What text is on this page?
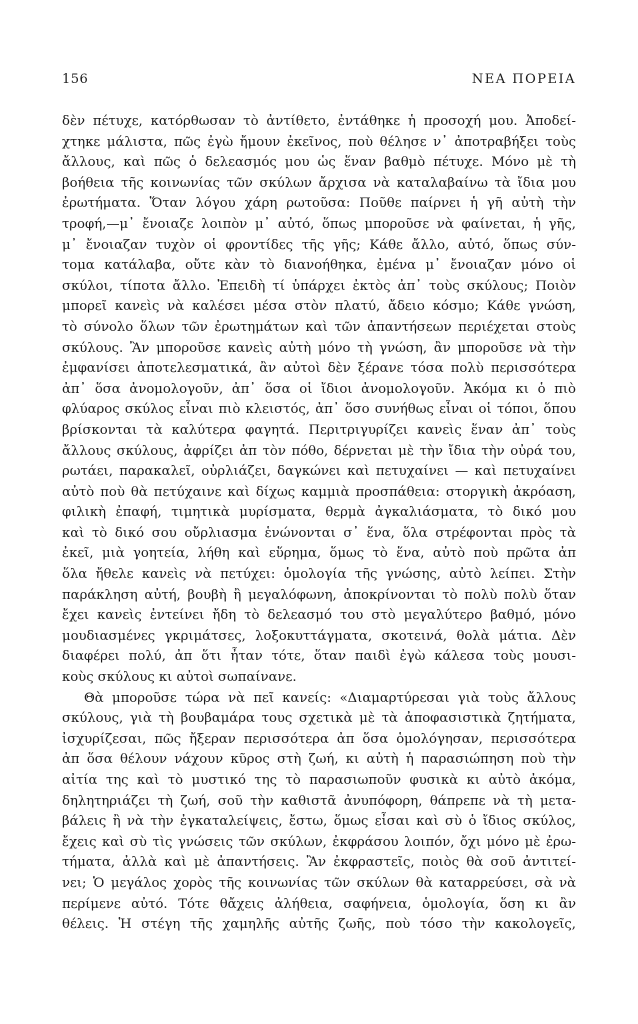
156	ΝΕΑ ΠΟΡΕΙΑ
δὲν πέτυχε, κατόρθωσαν τὸ ἀντίθετο, ἐντάθηκε ἡ προσοχή μου. Ἀποδεί-
χτηκε μάλιστα, πῶς ἐγὼ ἤμουν ἐκεῖνος, ποὺ θέλησε ν᾽ ἀποτραβήξει τοὺς
ἄλλους, καὶ πῶς ὁ δελεασμός μου ὡς ἕναν βαθμὸ πέτυχε. Μόνο μὲ τὴ
βοήθεια τῆς κοινωνίας τῶν σκύλων ἄρχισα νὰ καταλαβαίνω τὰ ἴδια μου
ἐρωτήματα. Ὅταν λόγου χάρη ρωτοῦσα: Ποῦθε παίρνει ἡ γῆ αὐτὴ τὴν
τροφή,—μ᾽ ἔνοιαζε λοιπὸν μ᾽ αὐτό, ὅπως μποροῦσε νὰ φαίνεται, ἡ γῆς,
μ᾽ ἔνοιαζαν τυχὸν οἱ φροντίδες τῆς γῆς; Κάθε ἄλλο, αὐτό, ὅπως σύν-
τομα κατάλαβα, οὔτε κὰν τὸ διανοήθηκα, ἐμένα μ᾽ ἔνοιαζαν μόνο οἱ
σκύλοι, τίποτα ἄλλο. Ἐπειδὴ τί ὑπάρχει ἐκτὸς ἀπ᾽ τοὺς σκύλους; Ποιὸν
μπορεῖ κανεὶς νὰ καλέσει μέσα στὸν πλατύ, ἄδειο κόσμο; Κάθε γνώση,
τὸ σύνολο ὅλων τῶν ἐρωτημάτων καὶ τῶν ἀπαντήσεων περιέχεται στοὺς
σκύλους. Ἂν μποροῦσε κανεὶς αὐτὴ μόνο τὴ γνώση, ἂν μποροῦσε νὰ τὴν
ἐμφανίσει ἀποτελεσματικά, ἂν αὐτοὶ δὲν ξέρανε τόσα πολὺ περισσότερα
ἀπ᾽ ὅσα ἀνομολογοῦν, ἀπ᾽ ὅσα οἱ ἴδιοι ἀνομολογοῦν. Ἀκόμα κι ὁ πιὸ
φλύαρος σκύλος εἶναι πιὸ κλειστός, ἀπ᾽ ὅσο συνήθως εἶναι οἱ τόποι, ὅπου
βρίσκονται τὰ καλύτερα φαγητά. Περιτριγυρίζει κανεὶς ἕναν ἀπ᾽ τοὺς
ἄλλους σκύλους, ἀφρίζει ἀπ τὸν πόθο, δέρνεται μὲ τὴν ἴδια τὴν οὐρά του,
ρωτάει, παρακαλεῖ, οὐρλιάζει, δαγκώνει καὶ πετυχαίνει — καὶ πετυχαίνει
αὐτὸ ποὺ θὰ πετύχαινε καὶ δίχως καμμιὰ προσπάθεια: στοργικὴ ἀκρόαση,
φιλικὴ ἐπαφή, τιμητικὰ μυρίσματα, θερμὰ ἀγκαλιάσματα, τὸ δικό μου
καὶ τὸ δικό σου οὔρλιασμα ἑνώνονται σ᾽ ἕνα, ὅλα στρέφονται πρὸς τὰ
ἐκεῖ, μιὰ γοητεία, λήθη καὶ εὕρημα, ὅμως τὸ ἕνα, αὐτὸ ποὺ πρῶτα ἀπ
ὅλα ἤθελε κανεὶς νὰ πετύχει: ὁμολογία τῆς γνώσης, αὐτὸ λείπει. Στὴν
παράκληση αὐτή, βουβὴ ἢ μεγαλόφωνη, ἀποκρίνονται τὸ πολὺ πολὺ ὅταν
ἔχει κανεὶς ἐντείνει ἤδη τὸ δελεασμό του στὸ μεγαλύτερο βαθμό, μόνο
μουδιασμένες γκριμάτσες, λοξοκυττάγματα, σκοτεινά, θολὰ μάτια. Δὲν
διαφέρει πολύ, ἀπ ὅτι ἦταν τότε, ὅταν παιδὶ ἐγὼ κάλεσα τοὺς μουσι-
κοὺς σκύλους κι αὐτοὶ σωπαίνανε.
Θὰ μποροῦσε τώρα νὰ πεῖ κανείς: «Διαμαρτύρεσαι γιὰ τοὺς ἄλλους
σκύλους, γιὰ τὴ βουβαμάρα τους σχετικὰ μὲ τὰ ἀποφασιστικὰ ζητήματα,
ἰσχυρίζεσαι, πῶς ἤξεραν περισσότερα ἀπ ὅσα ὁμολόγησαν, περισσότερα
ἀπ ὅσα θέλουν νάχουν κῦρος στὴ ζωή, κι αὐτὴ ἡ παρασιώπηση ποὺ τὴν
αἰτία της καὶ τὸ μυστικό της τὸ παρασιωποῦν φυσικὰ κι αὐτὸ ἀκόμα,
δηλητηριάζει τὴ ζωή, σοῦ τὴν καθιστᾶ ἀνυπόφορη, θάπρεπε νὰ τὴ μετα-
βάλεις ἢ νὰ τὴν ἐγκαταλείψεις, ἔστω, ὅμως εἶσαι καὶ σὺ ὁ ἴδιος σκύλος,
ἔχεις καὶ σὺ τὶς γνώσεις τῶν σκύλων, ἐκφράσου λοιπόν, ὄχι μόνο μὲ ἐρω-
τήματα, ἀλλὰ καὶ μὲ ἀπαντήσεις. Ἂν ἐκφραστεῖς, ποιὸς θὰ σοῦ ἀντιτεί-
νει; Ὁ μεγάλος χορὸς τῆς κοινωνίας τῶν σκύλων θὰ καταρρεύσει, σὰ νὰ
περίμενε αὐτό. Τότε θἄχεις ἀλήθεια, σαφήνεια, ὁμολογία, ὅση κι ἂν
θέλεις. Ἡ στέγη τῆς χαμηλῆς αὐτῆς ζωῆς, ποὺ τόσο τὴν κακολογεῖς,
